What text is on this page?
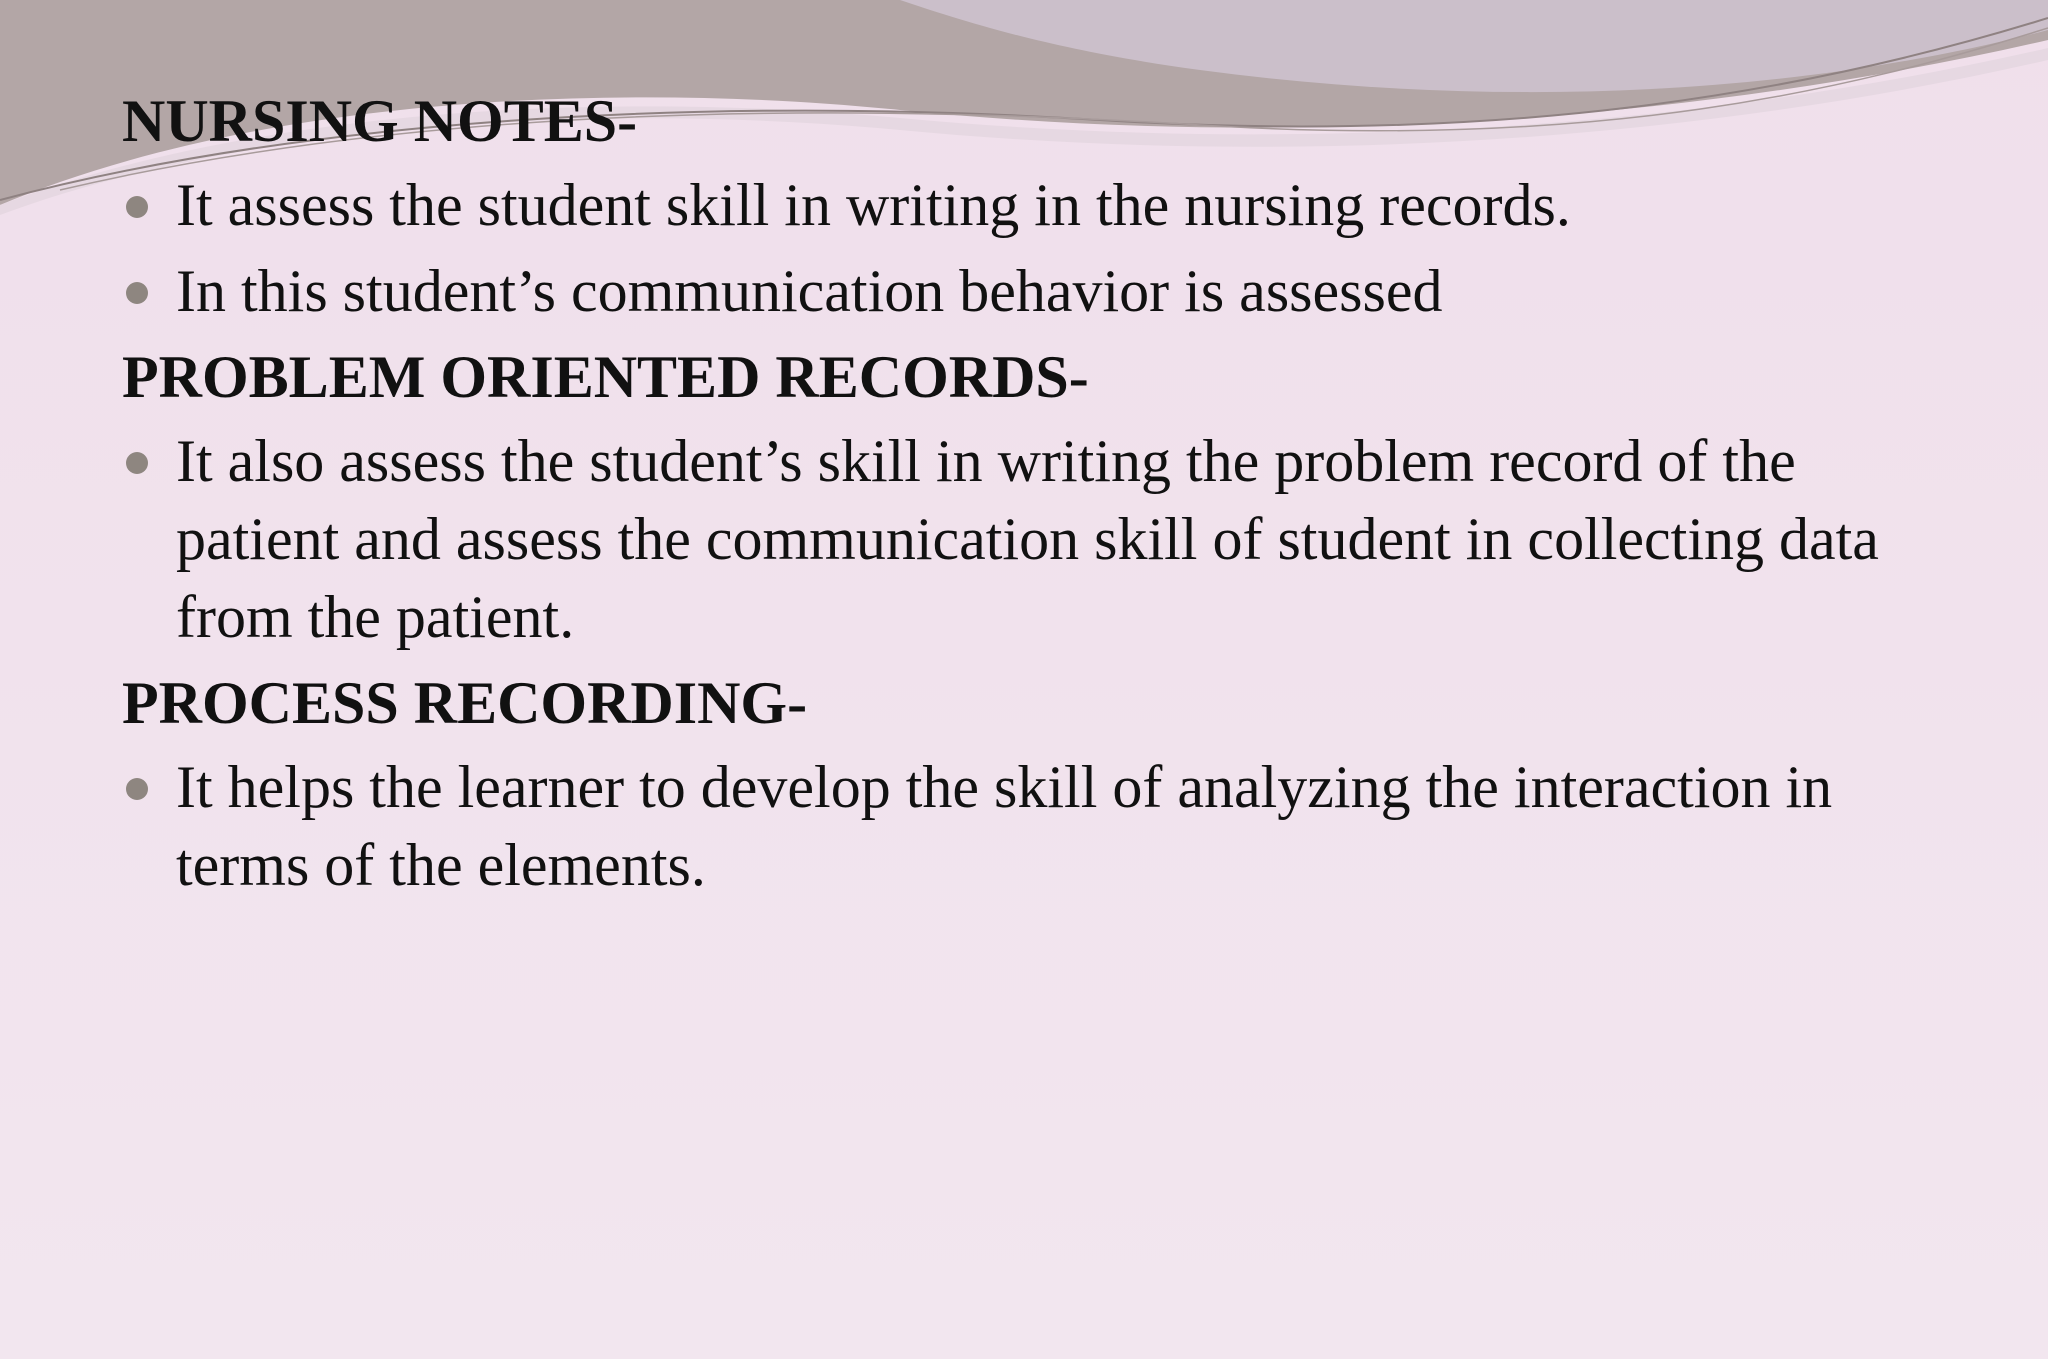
NURSING NOTES-
It assess the student skill in writing in the nursing records.
In this student’s communication behavior is assessed
PROBLEM ORIENTED RECORDS-
It also assess the student’s skill in writing the problem record of the patient and assess the communication skill of student in collecting data from the patient.
PROCESS RECORDING-
It helps the learner to develop the skill of analyzing the interaction in terms of the elements.
